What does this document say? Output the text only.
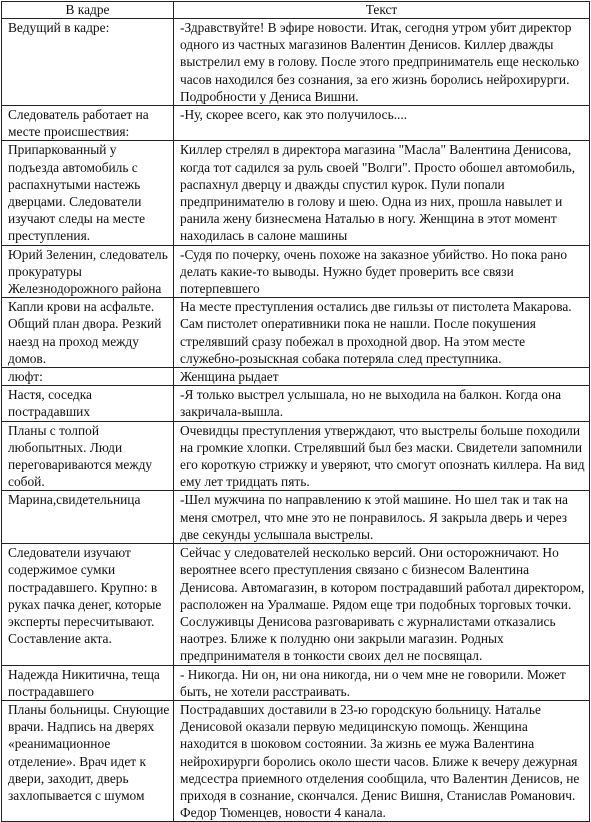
В кадре	Текст
Ведущий в кадре:	-Здравствуйте! В эфире новости. Итак, сегодня утром убит директор одного из частных магазинов Валентин Денисов. Киллер дважды выстрелил ему в голову. После этого предприниматель еще несколько часов находился без сознания, за его жизнь боролись нейрохирурги. Подробности у Дениса Вишни.
Следователь работает на месте происшествия:	-Ну, скорее всего, как это получилось....
Припаркованный у подъезда автомобиль с распахнутыми настежь дверцами. Следователи изучают следы на месте преступления.	Киллер стрелял в директора магазина "Масла" Валентина Денисова, когда тот садился за руль своей "Волги". Просто обошел автомобиль, распахнул дверцу и дважды спустил курок. Пули попали предпринимателю в голову и шею. Одна из них, прошла навылет и ранила жену бизнесмена Наталью в ногу. Женщина в этот момент находилась в салоне машины
Юрий Зеленин, следователь прокуратуры Железнодорожного района	-Судя по почерку, очень похоже на заказное убийство. Но пока рано делать какие-то выводы. Нужно будет проверить все связи потерпевшего
Капли крови на асфальте. Общий план двора. Резкий наезд на проход между домов.	На месте преступления остались две гильзы от пистолета Макарова. Сам пистолет оперативники пока не нашли. После покушения стрелявший сразу побежал в проходной двор. На этом месте служебно-розыскная собака потеряла след преступника.
люфт:	Женщина рыдает
Настя, соседка пострадавших	-Я только выстрел услышала, но не выходила на балкон. Когда она закричала-вышла.
Планы с толпой любопытных. Люди переговариваются между собой.	Очевидцы преступления утверждают, что выстрелы больше походили на громкие хлопки. Стрелявший был без маски. Свидетели запомнили его короткую стрижку и уверяют, что смогут опознать киллера. На вид ему лет тридцать пять.
Марина,свидетельница	-Шел мужчина по направлению к этой машине. Но шел так и так на меня смотрел, что мне это не понравилось. Я закрыла дверь и через две секунды услышала выстрелы.
Следователи изучают содержимое сумки пострадавшего. Крупно: в руках пачка денег, которые эксперты пересчитывают. Составление акта.	Сейчас у следователей несколько версий. Они осторожничают. Но вероятнее всего преступления связано с бизнесом Валентина Денисова. Автомагазин, в котором пострадавший работал директором, расположен на Уралмаше. Рядом еще три подобных торговых точки. Сослуживцы Денисова разговаривать с журналистами отказались наотрез. Ближе к полудню они закрыли магазин. Родных предпринимателя в тонкости своих дел не посвящал.
Надежда Никитична, теща пострадавшего	- Никогда. Ни он, ни она никогда, ни о чем мне не говорили. Может быть, не хотели расстраивать.
Планы больницы. Снующие врачи. Надпись на дверях «реанимационное отделение». Врач идет к двери, заходит, дверь захлопывается с шумом	Пострадавших доставили в 23-ю городскую больницу. Наталье Денисовой оказали первую медицинскую помощь. Женщина находится в шоковом состоянии. За жизнь ее мужа Валентина нейрохирурги боролись около шести часов. Ближе к вечеру дежурная медсестра приемного отделения сообщила, что Валентин Денисов, не приходя в сознание, скончался. Денис Вишня, Станислав Романович. Федор Тюменцев, новости 4 канала.
